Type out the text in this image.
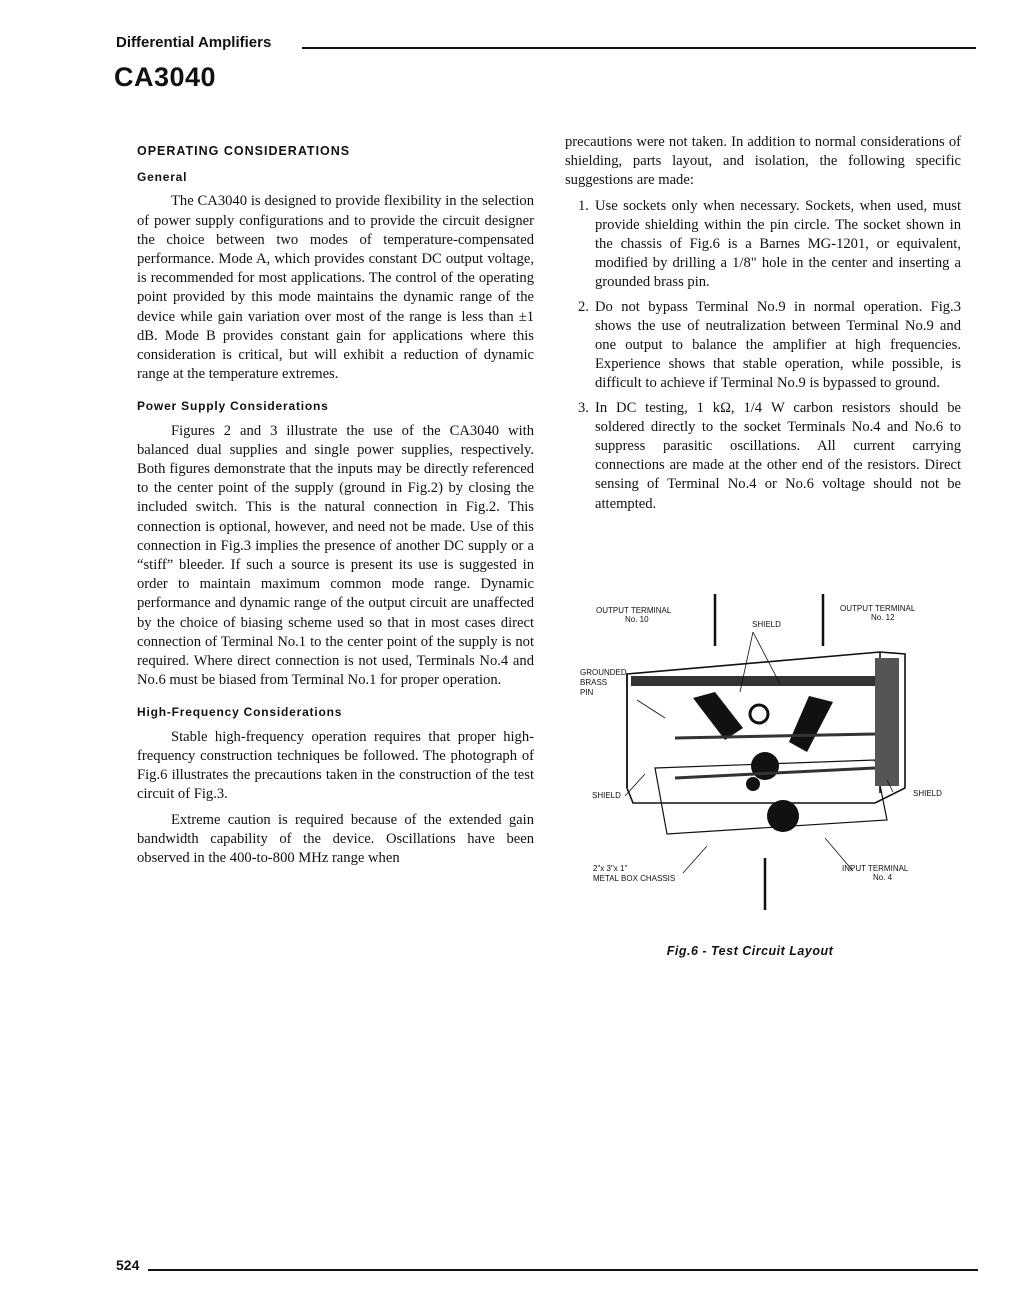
Differential Amplifiers
CA3040
OPERATING CONSIDERATIONS
General

The CA3040 is designed to provide flexibility in the selection of power supply configurations and to provide the circuit designer the choice between two modes of temperature-compensated performance. Mode A, which provides constant DC output voltage, is recommended for most applications. The control of the operating point provided by this mode maintains the dynamic range of the device while gain variation over most of the range is less than ±1 dB. Mode B provides constant gain for applications where this consideration is critical, but will exhibit a reduction of dynamic range at the temperature extremes.

Power Supply Considerations

Figures 2 and 3 illustrate the use of the CA3040 with balanced dual supplies and single power supplies, respectively. Both figures demonstrate that the inputs may be directly referenced to the center point of the supply (ground in Fig.2) by closing the included switch. This is the natural connection in Fig.2. This connection is optional, however, and need not be made. Use of this connection in Fig.3 implies the presence of another DC supply or a “stiff” bleeder. If such a source is present its use is suggested in order to maintain maximum common mode range. Dynamic performance and dynamic range of the output circuit are unaffected by the choice of biasing scheme used so that in most cases direct connection of Terminal No.1 to the center point of the supply is not required. Where direct connection is not used, Terminals No.4 and No.6 must be biased from Terminal No.1 for proper operation.

High-Frequency Considerations

Stable high-frequency operation requires that proper high-frequency construction techniques be followed. The photograph of Fig.6 illustrates the precautions taken in the construction of the test circuit of Fig.3.

Extreme caution is required because of the extended gain bandwidth capability of the device. Oscillations have been observed in the 400-to-800 MHz range when

precautions were not taken. In addition to normal considerations of shielding, parts layout, and isolation, the following specific suggestions are made:

1. Use sockets only when necessary. Sockets, when used, must provide shielding within the pin circle. The socket shown in the chassis of Fig.6 is a Barnes MG-1201, or equivalent, modified by drilling a 1/8" hole in the center and inserting a grounded brass pin.
2. Do not bypass Terminal No.9 in normal operation. Fig.3 shows the use of neutralization between Terminal No.9 and one output to balance the amplifier at high frequencies. Experience shows that stable operation, while possible, is difficult to achieve if Terminal No.9 is bypassed to ground.
3. In DC testing, 1 kΩ, 1/4 W carbon resistors should be soldered directly to the socket Terminals No.4 and No.6 to suppress parasitic oscillations. All current carrying connections are made at the other end of the resistors. Direct sensing of Terminal No.4 or No.6 voltage should not be attempted.
OUTPUT TERMINAL
No. 10
SHIELD
OUTPUT TERMINAL
No. 12
GROUNDED
BRASS
PIN
SHIELD	SHIELD
2"x 3"x 1"
METAL BOX CHASSIS
INPUT TERMINAL
No. 4
Fig.6 - Test Circuit Layout
524
